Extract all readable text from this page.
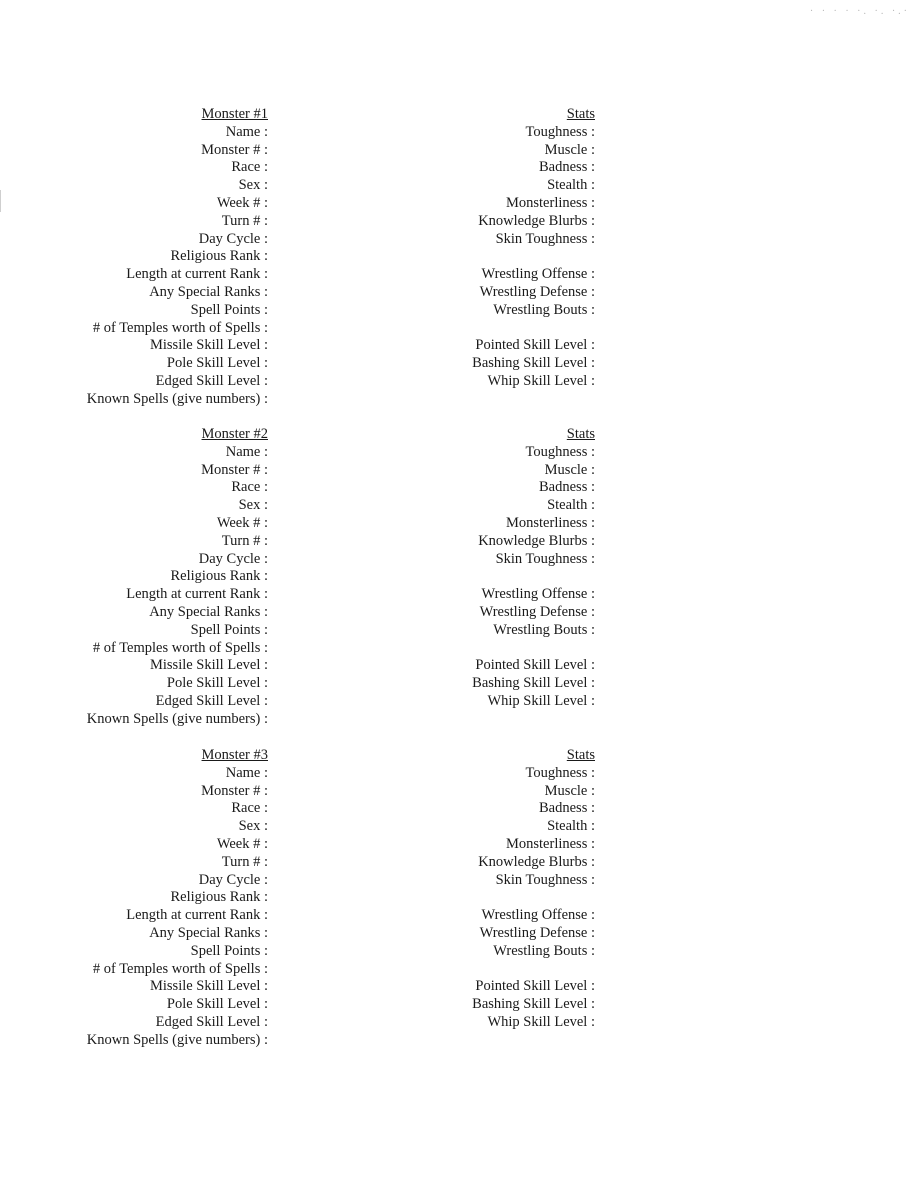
· · · · ·. ·. ·.·
Monster #1
Name :
Monster # :
Race :
Sex :
Week # :
Turn # :
Day Cycle :
Religious Rank :
Length at current Rank :
Any Special Ranks :
Spell Points :
# of Temples worth of Spells :
Missile Skill Level :
Pole Skill Level :
Edged Skill Level :
Known Spells (give numbers) :
Stats
Toughness :
Muscle :
Badness :
Stealth :
Monsterliness :
Knowledge Blurbs :
Skin Toughness :
Wrestling Offense :
Wrestling Defense :
Wrestling Bouts :
Pointed Skill Level :
Bashing Skill Level :
Whip Skill Level :
Monster #2
Name :
Monster # :
Race :
Sex :
Week # :
Turn # :
Day Cycle :
Religious Rank :
Length at current Rank :
Any Special Ranks :
Spell Points :
# of Temples worth of Spells :
Missile Skill Level :
Pole Skill Level :
Edged Skill Level :
Known Spells (give numbers) :
Stats
Toughness :
Muscle :
Badness :
Stealth :
Monsterliness :
Knowledge Blurbs :
Skin Toughness :
Wrestling Offense :
Wrestling Defense :
Wrestling Bouts :
Pointed Skill Level :
Bashing Skill Level :
Whip Skill Level :
Monster #3
Name :
Monster # :
Race :
Sex :
Week # :
Turn # :
Day Cycle :
Religious Rank :
Length at current Rank :
Any Special Ranks :
Spell Points :
# of Temples worth of Spells :
Missile Skill Level :
Pole Skill Level :
Edged Skill Level :
Known Spells (give numbers) :
Stats
Toughness :
Muscle :
Badness :
Stealth :
Monsterliness :
Knowledge Blurbs :
Skin Toughness :
Wrestling Offense :
Wrestling Defense :
Wrestling Bouts :
Pointed Skill Level :
Bashing Skill Level :
Whip Skill Level :
